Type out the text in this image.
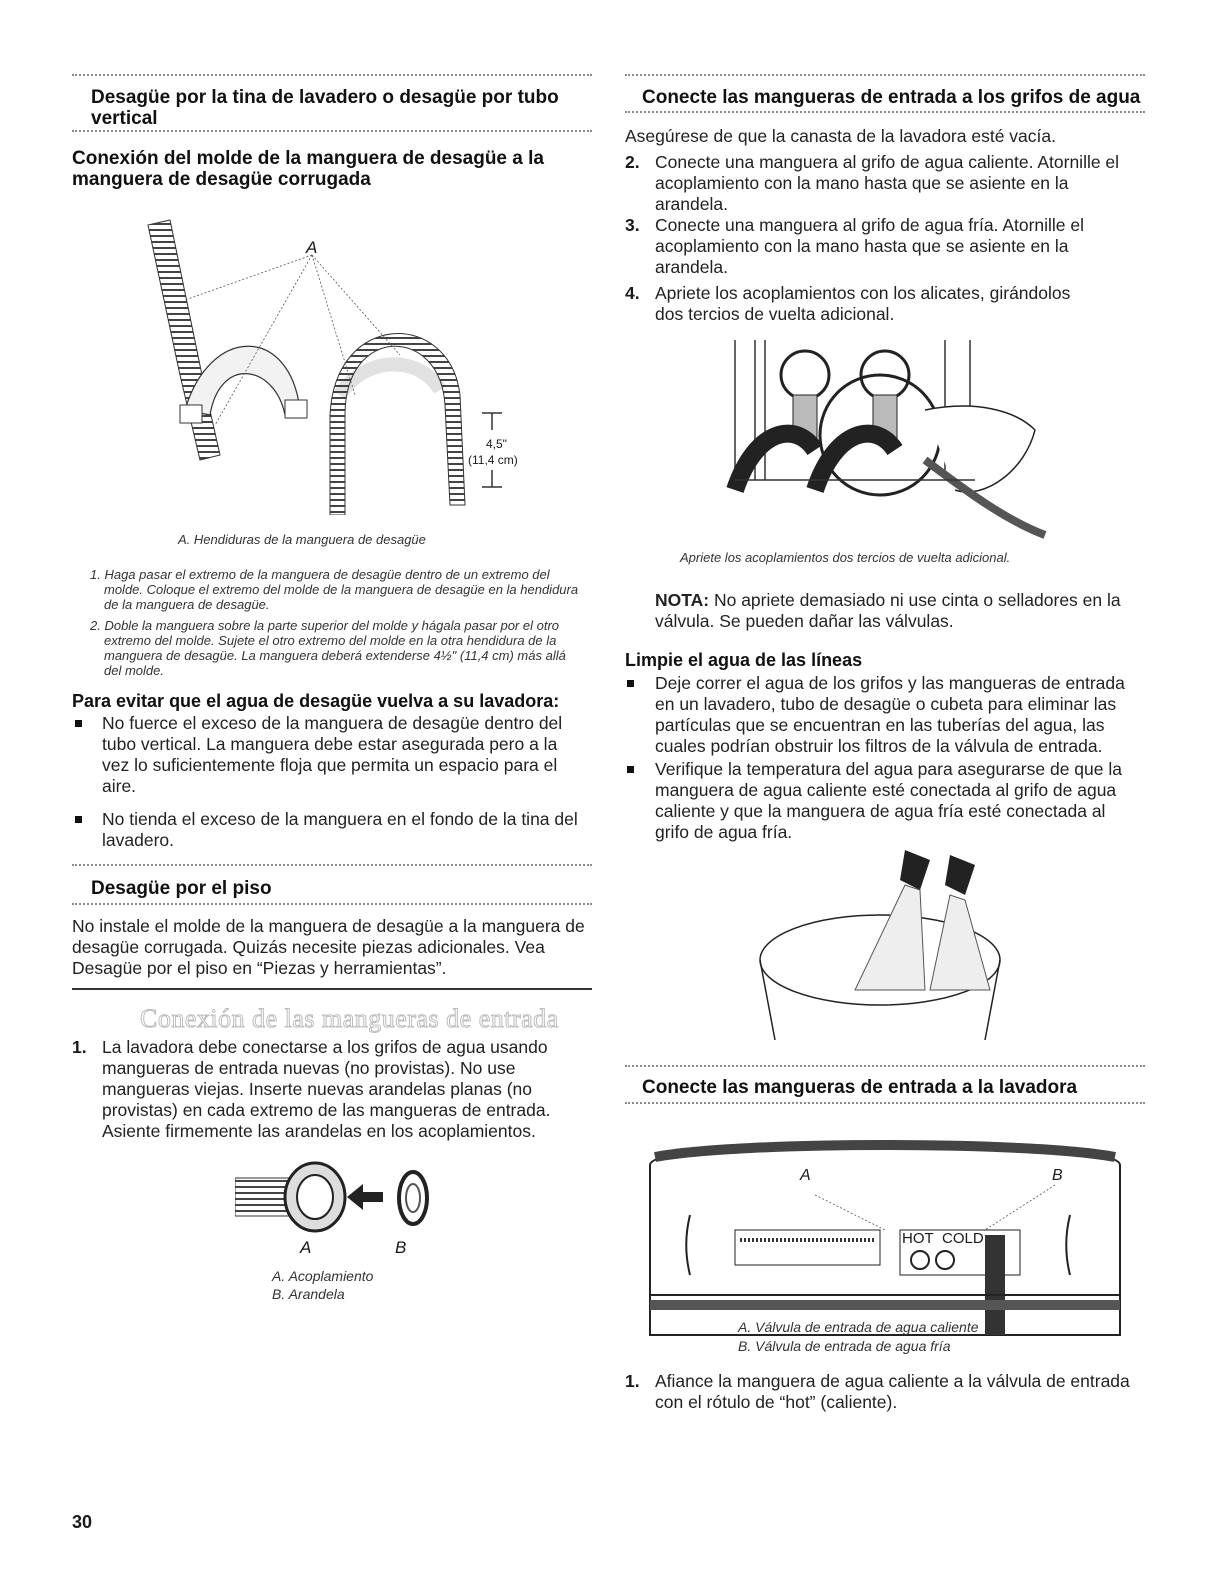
Desagüe por la tina de lavadero o desagüe por tubo vertical
Conexión del molde de la manguera de desagüe a la manguera de desagüe corrugada
A
4,5"
(11,4 cm)
A. Hendiduras de la manguera de desagüe
1. Haga pasar el extremo de la manguera de desagüe dentro de un extremo del molde. Coloque el extremo del molde de la manguera de desagüe en la hendidura de la manguera de desagüe.
2. Doble la manguera sobre la parte superior del molde y hágala pasar por el otro extremo del molde. Sujete el otro extremo del molde en la otra hendidura de la manguera de desagüe. La manguera deberá extenderse 4½" (11,4 cm) más allá del molde.
Para evitar que el agua de desagüe vuelva a su lavadora:
No fuerce el exceso de la manguera de desagüe dentro del tubo vertical. La manguera debe estar asegurada pero a la vez lo suficientemente floja que permita un espacio para el aire.
No tienda el exceso de la manguera en el fondo de la tina del lavadero.
Desagüe por el piso
No instale el molde de la manguera de desagüe a la manguera de desagüe corrugada. Quizás necesite piezas adicionales. Vea Desagüe por el piso en “Piezas y herramientas”.
Conexión de las mangueras de entrada
1. La lavadora debe conectarse a los grifos de agua usando mangueras de entrada nuevas (no provistas). No use mangueras viejas. Inserte nuevas arandelas planas (no provistas) en cada extremo de las mangueras de entrada. Asiente firmemente las arandelas en los acoplamientos.
A	B
A. Acoplamiento
B. Arandela
30
Conecte las mangueras de entrada a los grifos de agua
Asegúrese de que la canasta de la lavadora esté vacía.
2. Conecte una manguera al grifo de agua caliente. Atornille el acoplamiento con la mano hasta que se asiente en la arandela.
3. Conecte una manguera al grifo de agua fría. Atornille el acoplamiento con la mano hasta que se asiente en la arandela.
4. Apriete los acoplamientos con los alicates, girándolos dos tercios de vuelta adicional.
Apriete los acoplamientos dos tercios de vuelta adicional.
NOTA: No apriete demasiado ni use cinta o selladores en la válvula. Se pueden dañar las válvulas.
Limpie el agua de las líneas
Deje correr el agua de los grifos y las mangueras de entrada en un lavadero, tubo de desagüe o cubeta para eliminar las partículas que se encuentran en las tuberías del agua, las cuales podrían obstruir los filtros de la válvula de entrada.
Verifique la temperatura del agua para asegurarse de que la manguera de agua caliente esté conectada al grifo de agua caliente y que la manguera de agua fría esté conectada al grifo de agua fría.
Conecte las mangueras de entrada a la lavadora
A	B
HOT COLD
A. Válvula de entrada de agua caliente
B. Válvula de entrada de agua fría
1. Afiance la manguera de agua caliente a la válvula de entrada con el rótulo de “hot” (caliente).
